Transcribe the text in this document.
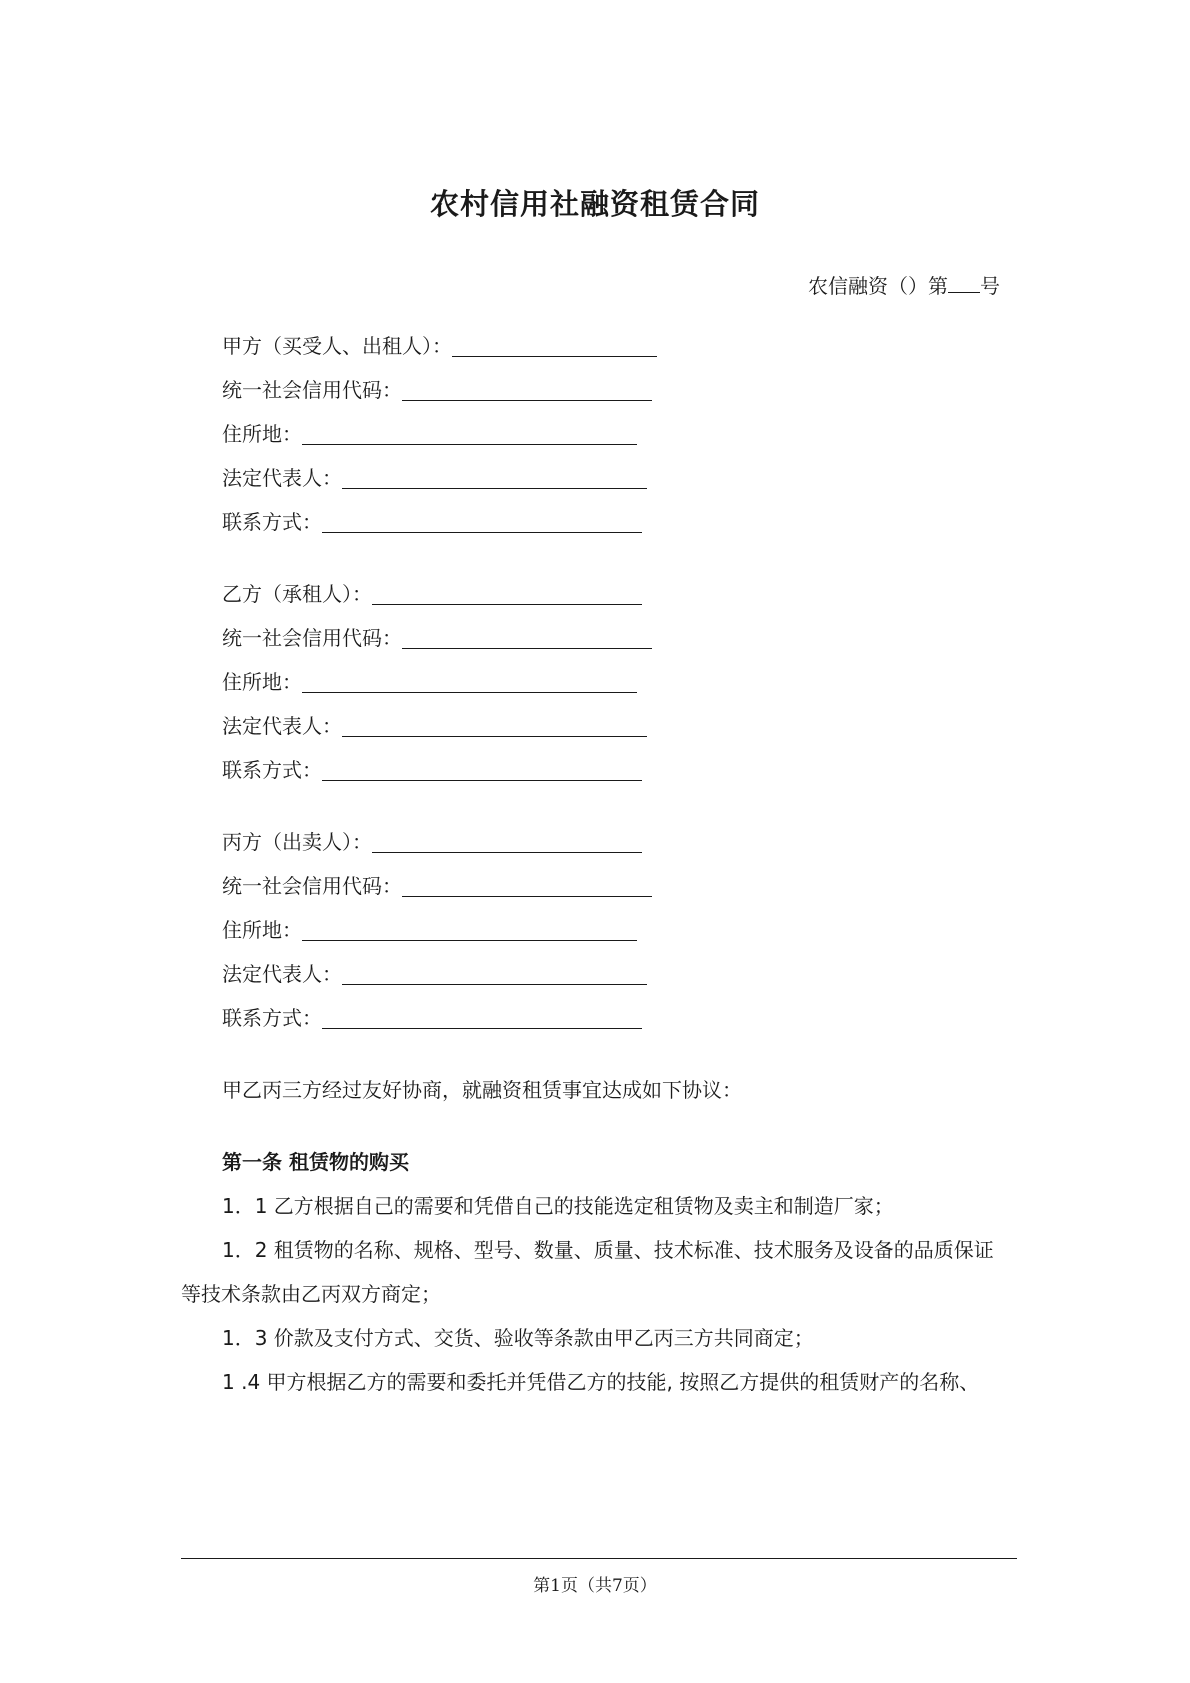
农村信用社融资租赁合同
农信融资（）第 号
甲方（买受人、出租人）：
统一社会信用代码：
住所地：
法定代表人：
联系方式：
乙方（承租人）：
统一社会信用代码：
住所地：
法定代表人：
联系方式：
丙方（出卖人）：
统一社会信用代码：
住所地：
法定代表人：
联系方式：
甲乙丙三方经过友好协商，就融资租赁事宜达成如下协议：
第一条 租赁物的购买
1．1 乙方根据自己的需要和凭借自己的技能选定租赁物及卖主和制造厂家；
1．2 租赁物的名称、规格、型号、数量、质量、技术标准、技术服务及设备的品质保证
等技术条款由乙丙双方商定；
1．3 价款及支付方式、交货、验收等条款由甲乙丙三方共同商定；
1 .4 甲方根据乙方的需要和委托并凭借乙方的技能, 按照乙方提供的租赁财产的名称、
第1页（共7页）
